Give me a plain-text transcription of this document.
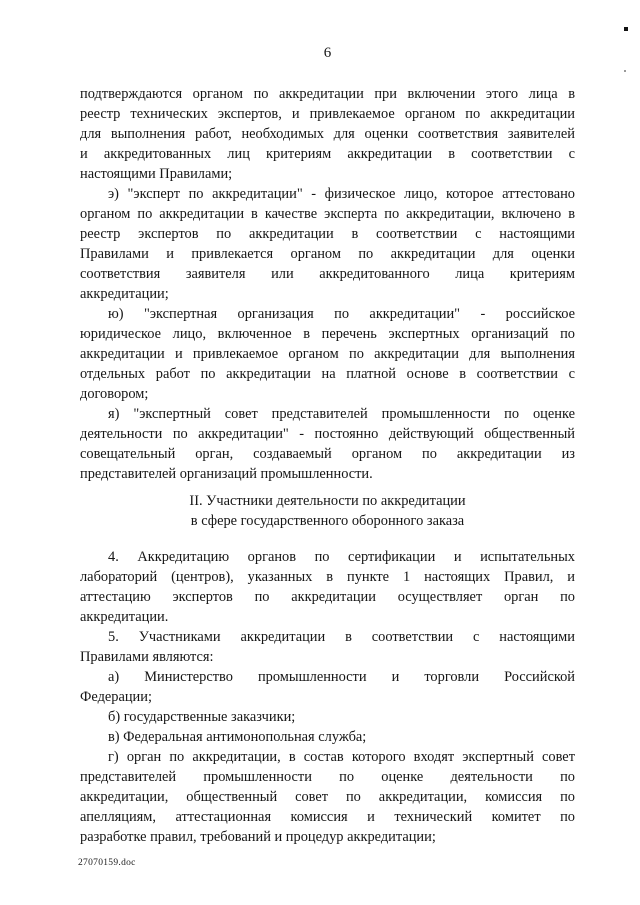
6
подтверждаются органом по аккредитации при включении этого лица в
реестр технических экспертов, и привлекаемое органом по аккредитации
для выполнения работ, необходимых для оценки соответствия заявителей
и аккредитованных лиц критериям аккредитации в соответствии с
настоящими Правилами;
э) "эксперт по аккредитации" - физическое лицо, которое аттестовано
органом по аккредитации в качестве эксперта по аккредитации, включено в
реестр экспертов по аккредитации в соответствии с настоящими
Правилами и привлекается органом по аккредитации для оценки
соответствия заявителя или аккредитованного лица критериям
аккредитации;
ю) "экспертная организация по аккредитации" - российское
юридическое лицо, включенное в перечень экспертных организаций по
аккредитации и привлекаемое органом по аккредитации для выполнения
отдельных работ по аккредитации на платной основе в соответствии с
договором;
я) "экспертный совет представителей промышленности по оценке
деятельности по аккредитации" - постоянно действующий общественный
совещательный орган, создаваемый органом по аккредитации из
представителей организаций промышленности.
II. Участники деятельности по аккредитации
в сфере государственного оборонного заказа
4. Аккредитацию органов по сертификации и испытательных
лабораторий (центров), указанных в пункте 1 настоящих Правил, и
аттестацию экспертов по аккредитации осуществляет орган по
аккредитации.
5. Участниками аккредитации в соответствии с настоящими
Правилами являются:
а) Министерство промышленности и торговли Российской
Федерации;
б) государственные заказчики;
в) Федеральная антимонопольная служба;
г) орган по аккредитации, в состав которого входят экспертный совет
представителей промышленности по оценке деятельности по
аккредитации, общественный совет по аккредитации, комиссия по
апелляциям, аттестационная комиссия и технический комитет по
разработке правил, требований и процедур аккредитации;
27070159.doc
